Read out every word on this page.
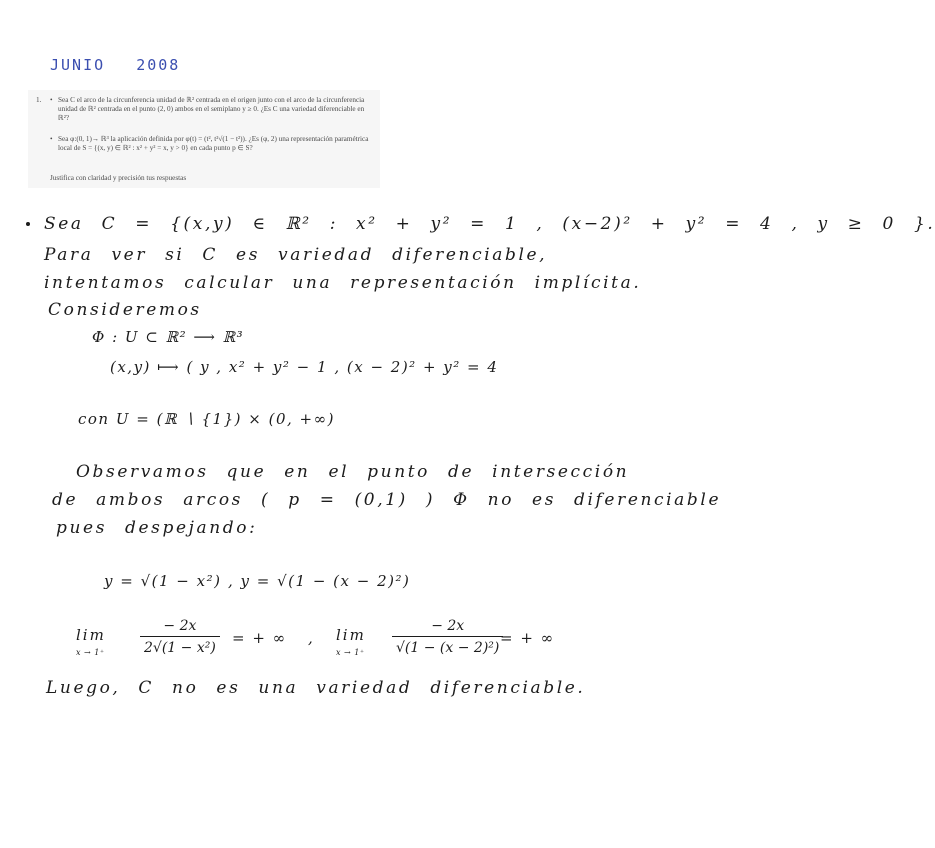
JUNIO 2008
1.
• Sea C el arco de la circunferencia unidad de ℝ² centrada en el origen junto con el arco de la circunferencia unidad de ℝ² centrada en el punto (2, 0) ambos en el semiplano y ≥ 0. ¿Es C una variedad diferenciable en ℝ²?
• Sea φ:(0, 1)→ ℝ³ la aplicación definida por φ(t) = (t², t²√(1 − t²)). ¿Es (φ, 2) una representación paramétrica local de S = {(x, y) ∈ ℝ² : x² + y² = x, y > 0} en cada punto p ∈ S?
Justifica con claridad y precisión tus respuestas
Sea C = {(x,y) ∈ ℝ² : x² + y² = 1 , (x−2)² + y² = 4 , y ≥ 0 }.
Para ver si C es variedad diferenciable,
intentamos calcular una representación implícita.
Consideremos
Φ : U ⊂ ℝ² ⟶ ℝ³
(x,y) ⟼ ( y , x² + y² − 1 , (x − 2)² + y² = 4
con U = (ℝ ∖ {1}) × (0, +∞)
Observamos que en el punto de intersección
de ambos arcos ( p = (0,1) ) Φ no es diferenciable
pues despejando:
y = √(1 − x²) , y = √(1 − (x − 2)²)
lim
x → 1⁺
− 2x
2√(1 − x²)
= + ∞ , lim
x → 1⁺
− 2x
√(1 − (x − 2)²)
= + ∞
Luego, C no es una variedad diferenciable.
